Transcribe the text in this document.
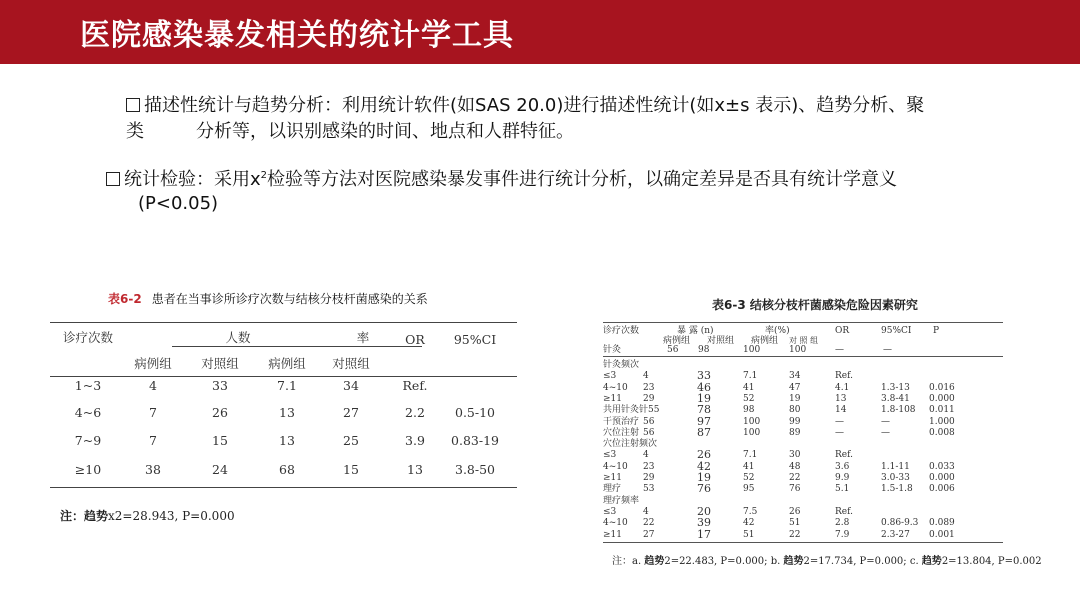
医院感染暴发相关的统计学工具
描述性统计与趋势分析：利用统计软件(如SAS 20.0)进行描述性统计(如x±s 表示)、趋势分析、聚
类	分析等，以识别感染的时间、地点和人群特征。
统计检验：采用$x^2$检验等方法对医院感染暴发事件进行统计分析，以确定差异是否具有统计学意义
(P<0.05)
表6-2 患者在当事诊所诊疗次数与结核分枝杆菌感染的关系
诊疗次数	人数	率	OR 95%CI
病例组 对照组 病例组 对照组
1~3	4	33	7.1	34	Ref.
4~6	7	26	13	27	2.2 0.5-10
7~9	7	15	13	25	3.9 0.83-19
≥10	38	24	68	15	13	3.8-50
注：趋势x2=28.943, P=0.000
表6-3 结核分枝杆菌感染危险因素研究
诊疗次数	暴 露 (n)	率(%)	OR	95%CI P
病例组 对照组 病例组 对 照 组
针灸	56 98	100	100	—	—
针灸频次
≤3	4	33	7.1	34	Ref.
4~10 23	46	41	47	4.1	1.3-13 0.016
≥11 29	19	52	19	13	3.8-41 0.000
共用针灸针55	78	98	80	14	1.8-108 0.011
干预治疗 56	97	100	99	—	—	1.000
穴位注射 56	87	100	89	—	—	0.008
穴位注射频次
≤3	4	26	7.1	30	Ref.
4~10 23	42	41	48	3.6	1.1-11 0.033
≥11 29	19	52	22	9.9	3.0-33 0.000
理疗 53	76	95	76	5.1	1.5-1.8 0.006
理疗频率
≤3	4	20	7.5	26	Ref.
4~10 22	39	42	51	2.8	0.86-9.3 0.089
≥11 27	17	51	22	7.9	2.3-27 0.001
注：a. 趋势2=22.483, P=0.000; b. 趋势2=17.734, P=0.000; c. 趋势2=13.804, P=0.002
